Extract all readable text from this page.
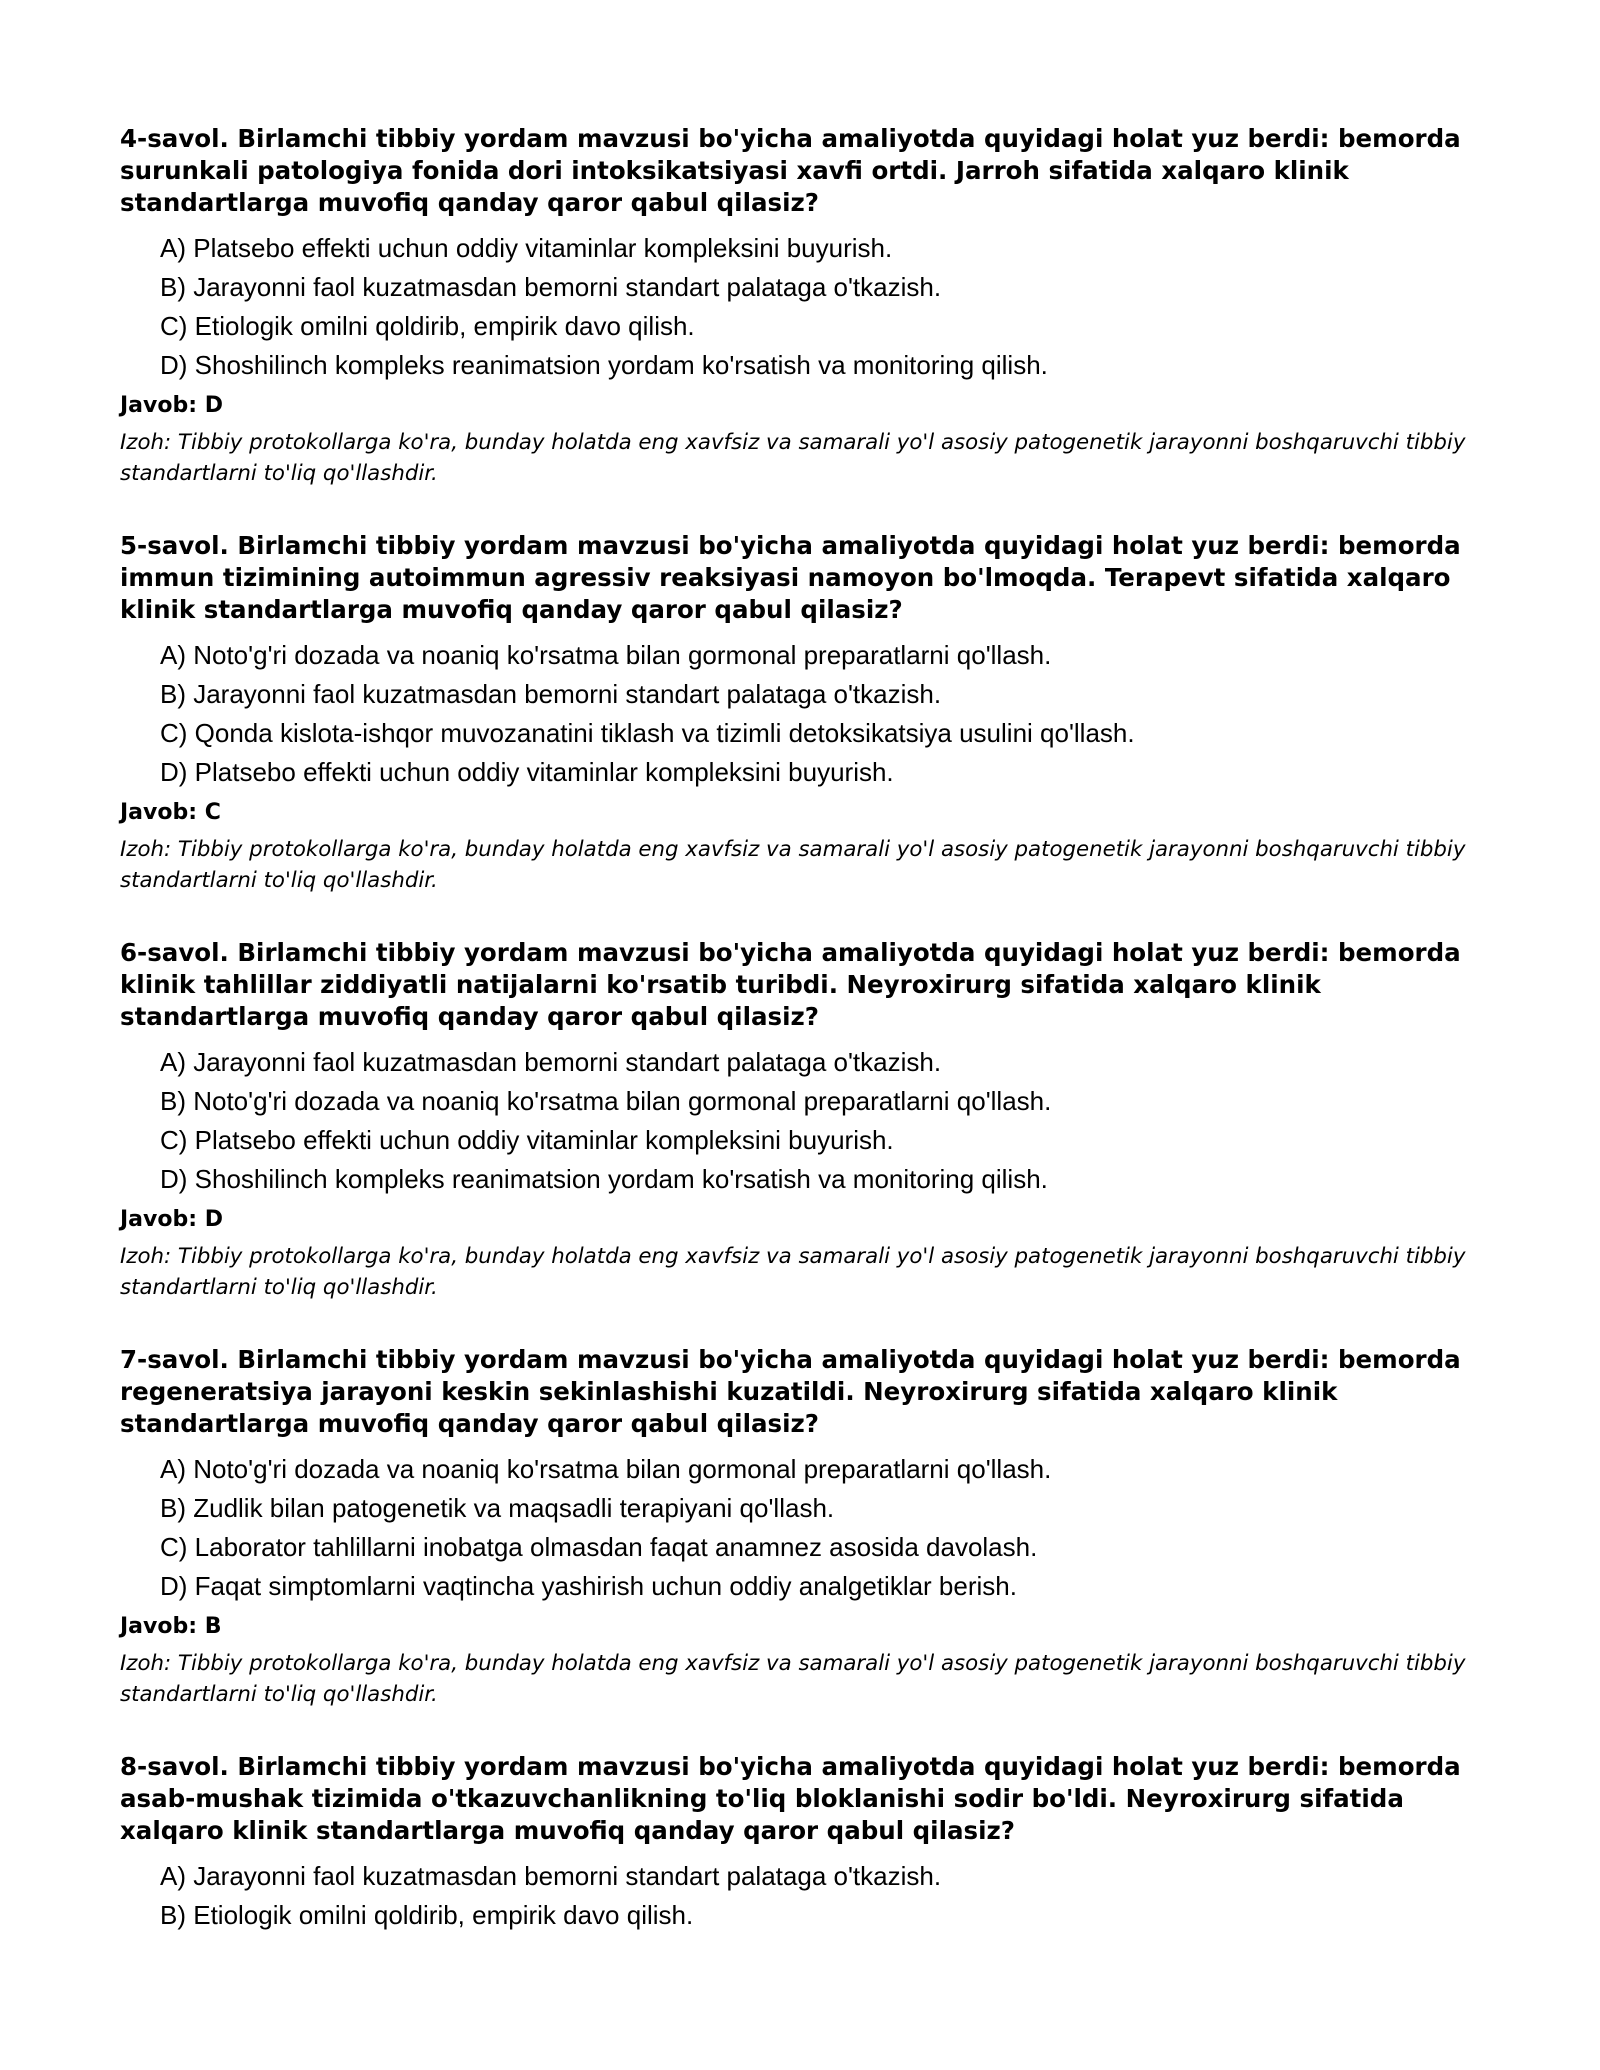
4-savol. Birlamchi tibbiy yordam mavzusi bo'yicha amaliyotda quyidagi holat yuz berdi: bemorda surunkali patologiya fonida dori intoksikatsiyasi xavfi ortdi. Jarroh sifatida xalqaro klinik standartlarga muvofiq qanday qaror qabul qilasiz?
A) Platsebo effekti uchun oddiy vitaminlar kompleksini buyurish.
B) Jarayonni faol kuzatmasdan bemorni standart palataga o'tkazish.
C) Etiologik omilni qoldirib, empirik davo qilish.
D) Shoshilinch kompleks reanimatsion yordam ko'rsatish va monitoring qilish.
Javob: D

Izoh: Tibbiy protokollarga ko'ra, bunday holatda eng xavfsiz va samarali yo'l asosiy patogenetik jarayonni boshqaruvchi tibbiy standartlarni to'liq qo'llashdir.

5-savol. Birlamchi tibbiy yordam mavzusi bo'yicha amaliyotda quyidagi holat yuz berdi: bemorda immun tizimining autoimmun agressiv reaksiyasi namoyon bo'lmoqda. Terapevt sifatida xalqaro klinik standartlarga muvofiq qanday qaror qabul qilasiz?
A) Noto'g'ri dozada va noaniq ko'rsatma bilan gormonal preparatlarni qo'llash.
B) Jarayonni faol kuzatmasdan bemorni standart palataga o'tkazish.
C) Qonda kislota-ishqor muvozanatini tiklash va tizimli detoksikatsiya usulini qo'llash.
D) Platsebo effekti uchun oddiy vitaminlar kompleksini buyurish.
Javob: C

Izoh: Tibbiy protokollarga ko'ra, bunday holatda eng xavfsiz va samarali yo'l asosiy patogenetik jarayonni boshqaruvchi tibbiy standartlarni to'liq qo'llashdir.

6-savol. Birlamchi tibbiy yordam mavzusi bo'yicha amaliyotda quyidagi holat yuz berdi: bemorda klinik tahlillar ziddiyatli natijalarni ko'rsatib turibdi. Neyroxirurg sifatida xalqaro klinik standartlarga muvofiq qanday qaror qabul qilasiz?
A) Jarayonni faol kuzatmasdan bemorni standart palataga o'tkazish.
B) Noto'g'ri dozada va noaniq ko'rsatma bilan gormonal preparatlarni qo'llash.
C) Platsebo effekti uchun oddiy vitaminlar kompleksini buyurish.
D) Shoshilinch kompleks reanimatsion yordam ko'rsatish va monitoring qilish.
Javob: D

Izoh: Tibbiy protokollarga ko'ra, bunday holatda eng xavfsiz va samarali yo'l asosiy patogenetik jarayonni boshqaruvchi tibbiy standartlarni to'liq qo'llashdir.

7-savol. Birlamchi tibbiy yordam mavzusi bo'yicha amaliyotda quyidagi holat yuz berdi: bemorda regeneratsiya jarayoni keskin sekinlashishi kuzatildi. Neyroxirurg sifatida xalqaro klinik standartlarga muvofiq qanday qaror qabul qilasiz?
A) Noto'g'ri dozada va noaniq ko'rsatma bilan gormonal preparatlarni qo'llash.
B) Zudlik bilan patogenetik va maqsadli terapiyani qo'llash.
C) Laborator tahlillarni inobatga olmasdan faqat anamnez asosida davolash.
D) Faqat simptomlarni vaqtincha yashirish uchun oddiy analgetiklar berish.
Javob: B

Izoh: Tibbiy protokollarga ko'ra, bunday holatda eng xavfsiz va samarali yo'l asosiy patogenetik jarayonni boshqaruvchi tibbiy standartlarni to'liq qo'llashdir.

8-savol. Birlamchi tibbiy yordam mavzusi bo'yicha amaliyotda quyidagi holat yuz berdi: bemorda asab-mushak tizimida o'tkazuvchanlikning to'liq bloklanishi sodir bo'ldi. Neyroxirurg sifatida xalqaro klinik standartlarga muvofiq qanday qaror qabul qilasiz?
A) Jarayonni faol kuzatmasdan bemorni standart palataga o'tkazish.
B) Etiologik omilni qoldirib, empirik davo qilish.
